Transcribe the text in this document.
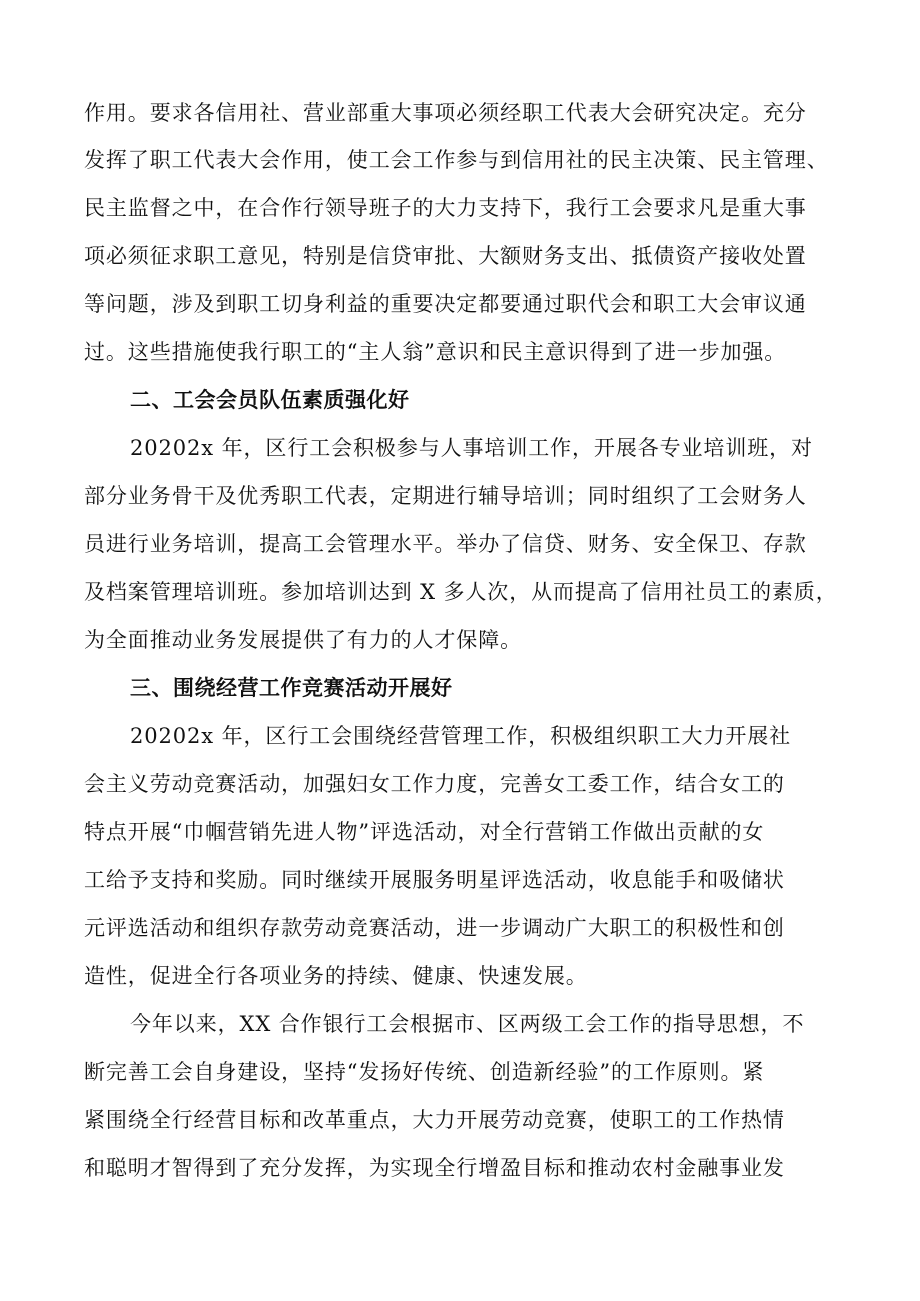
作用。要求各信用社、营业部重大事项必须经职工代表大会研究决定。充分

发挥了职工代表大会作用，使工会工作参与到信用社的民主决策、民主管理、

民主监督之中，在合作行领导班子的大力支持下，我行工会要求凡是重大事

项必须征求职工意见，特别是信贷审批、大额财务支出、抵债资产接收处置

等问题，涉及到职工切身利益的重要决定都要通过职代会和职工大会审议通

过。这些措施使我行职工的“主人翁”意识和民主意识得到了进一步加强。

二、工会会员队伍素质强化好

20202x 年，区行工会积极参与人事培训工作，开展各专业培训班，对

部分业务骨干及优秀职工代表，定期进行辅导培训；同时组织了工会财务人

员进行业务培训，提高工会管理水平。举办了信贷、财务、安全保卫、存款

及档案管理培训班。参加培训达到 X 多人次，从而提高了信用社员工的素质，

为全面推动业务发展提供了有力的人才保障。

三、围绕经营工作竞赛活动开展好

20202x 年，区行工会围绕经营管理工作，积极组织职工大力开展社

会主义劳动竞赛活动，加强妇女工作力度，完善女工委工作，结合女工的

特点开展“巾帼营销先进人物”评选活动，对全行营销工作做出贡献的女

工给予支持和奖励。同时继续开展服务明星评选活动，收息能手和吸储状

元评选活动和组织存款劳动竞赛活动，进一步调动广大职工的积极性和创

造性，促进全行各项业务的持续、健康、快速发展。

今年以来，XX 合作银行工会根据市、区两级工会工作的指导思想，不

断完善工会自身建设，坚持“发扬好传统、创造新经验”的工作原则。紧

紧围绕全行经营目标和改革重点，大力开展劳动竞赛，使职工的工作热情

和聪明才智得到了充分发挥，为实现全行增盈目标和推动农村金融事业发
